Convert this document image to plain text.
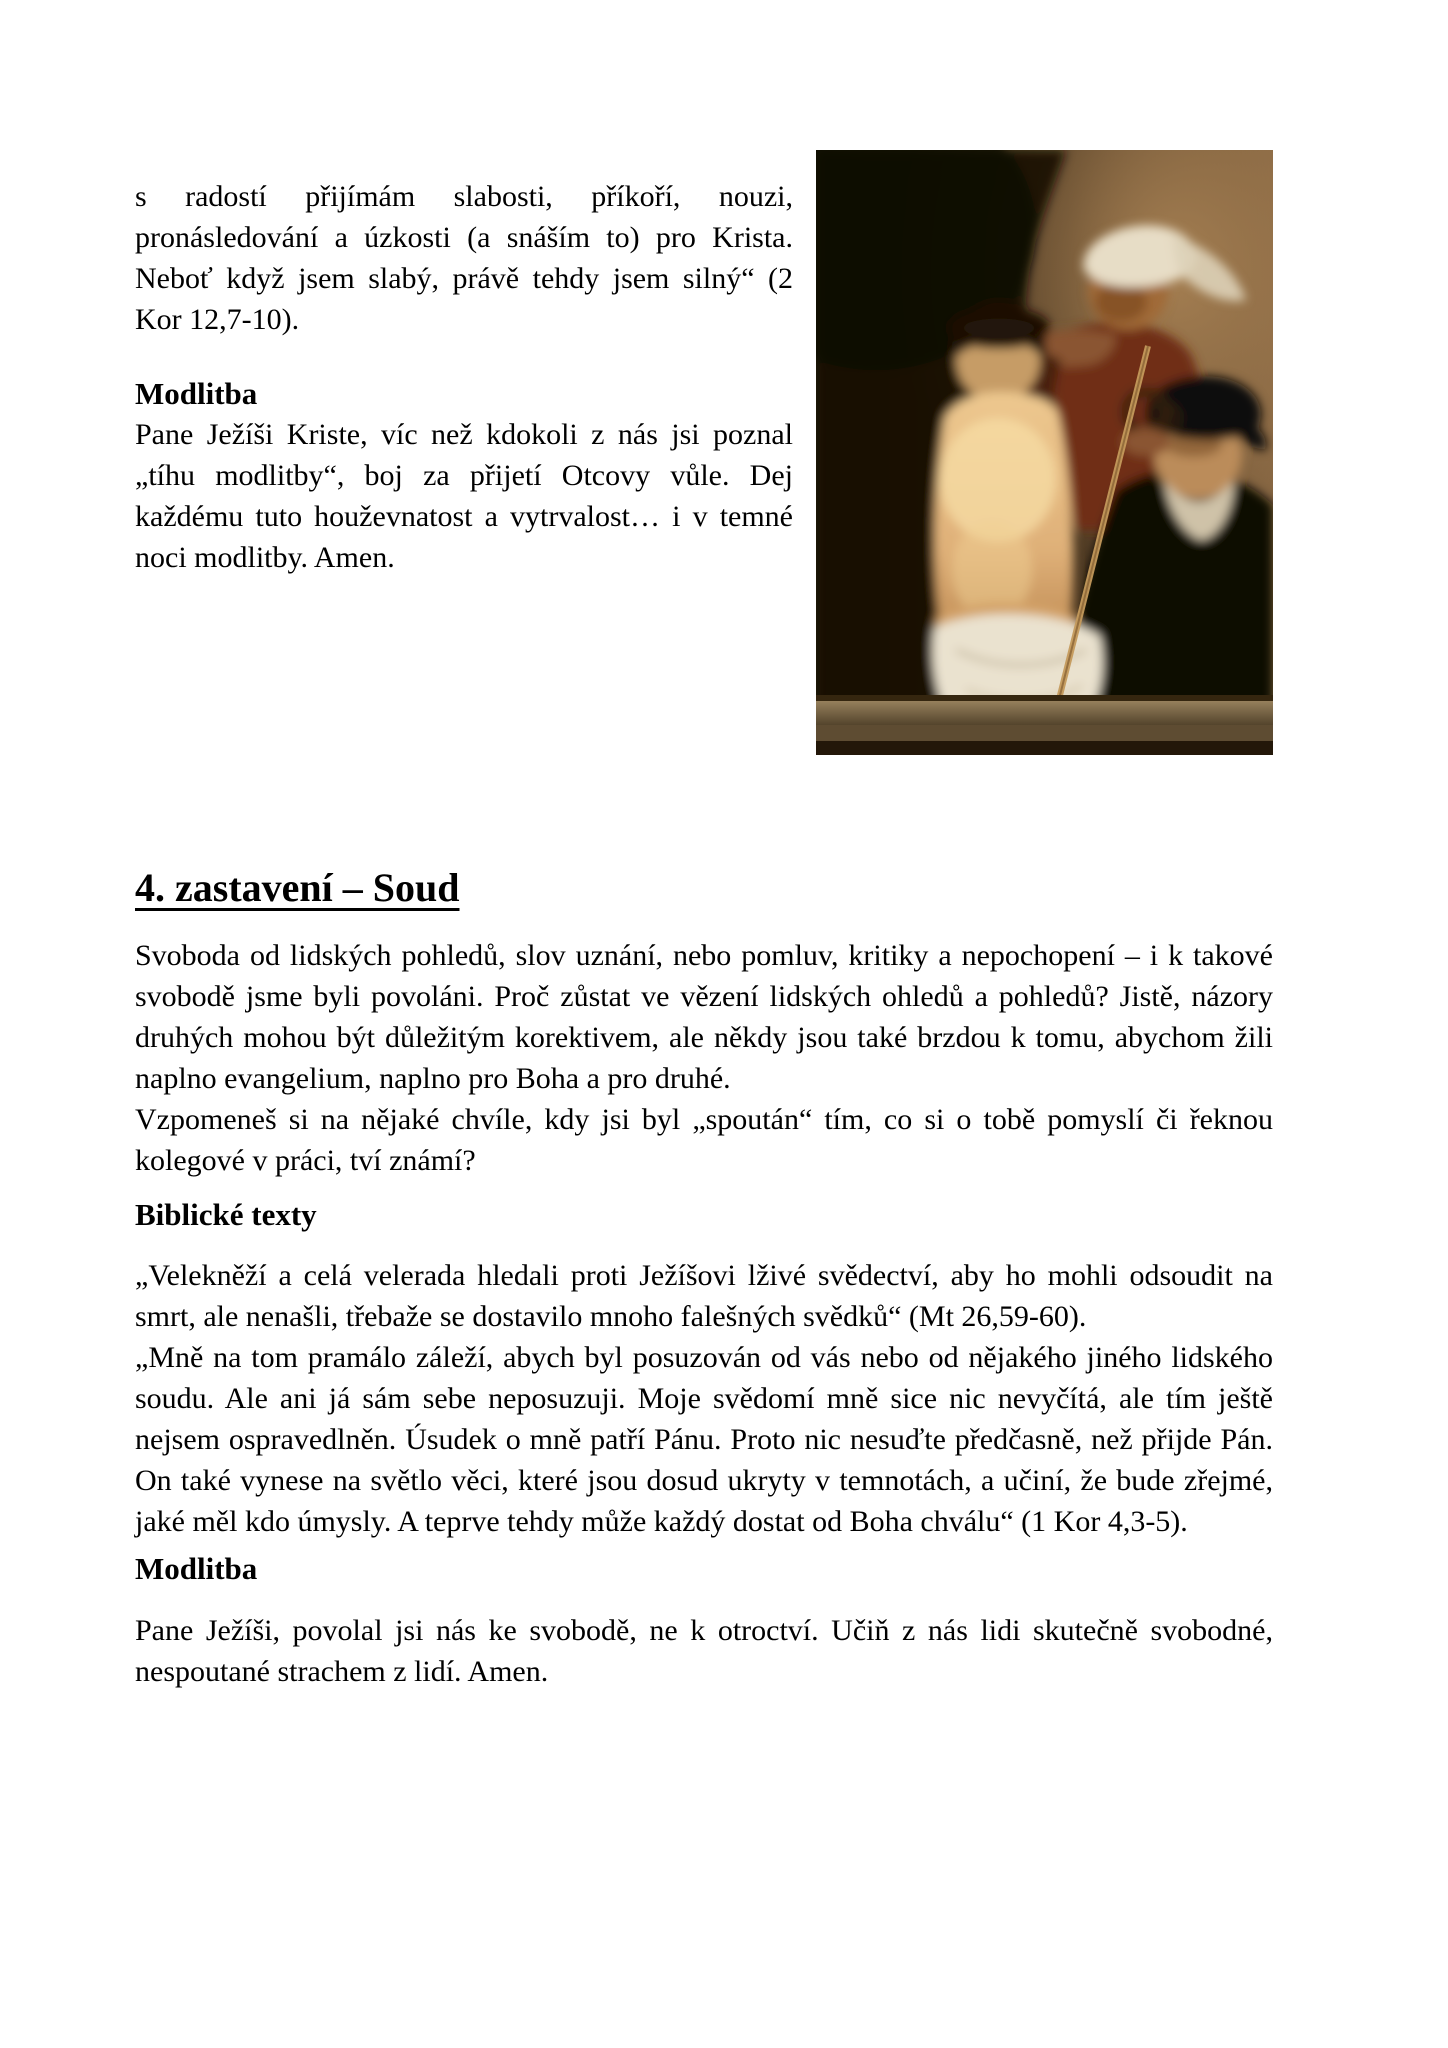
s radostí přijímám slabosti, příkoří, nouzi, pronásledování a úzkosti (a snáším to) pro Krista. Neboť když jsem slabý, právě tehdy jsem silný“ (2 Kor 12,7-10).

Modlitba

Pane Ježíši Kriste, víc než kdokoli z nás jsi poznal „tíhu modlitby“, boj za přijetí Otcovy vůle. Dej každému tuto houževnatost a vytrvalost… i v temné noci modlitby. Amen.

4. zastavení – Soud

Svoboda od lidských pohledů, slov uznání, nebo pomluv, kritiky a nepochopení – i k takové svobodě jsme byli povoláni. Proč zůstat ve vězení lidských ohledů a pohledů? Jistě, názory druhých mohou být důležitým korektivem, ale někdy jsou také brzdou k tomu, abychom žili naplno evangelium, naplno pro Boha a pro druhé.

Vzpomeneš si na nějaké chvíle, kdy jsi byl „spoután“ tím, co si o tobě pomyslí či řeknou kolegové v práci, tví známí?

Biblické texty

„Velekněží a celá velerada hledali proti Ježíšovi lživé svědectví, aby ho mohli odsoudit na smrt, ale nenašli, třebaže se dostavilo mnoho falešných svědků“ (Mt 26,59-60).

„Mně na tom pramálo záleží, abych byl posuzován od vás nebo od nějakého jiného lidského soudu. Ale ani já sám sebe neposuzuji. Moje svědomí mně sice nic nevyčítá, ale tím ještě nejsem ospravedlněn. Úsudek o mně patří Pánu. Proto nic nesuďte předčasně, než přijde Pán. On také vynese na světlo věci, které jsou dosud ukryty v temnotách, a učiní, že bude zřejmé, jaké měl kdo úmysly. A teprve tehdy může každý dostat od Boha chválu“ (1 Kor 4,3-5).

Modlitba

Pane Ježíši, povolal jsi nás ke svobodě, ne k otroctví. Učiň z nás lidi skutečně svobodné, nespoutané strachem z lidí. Amen.
